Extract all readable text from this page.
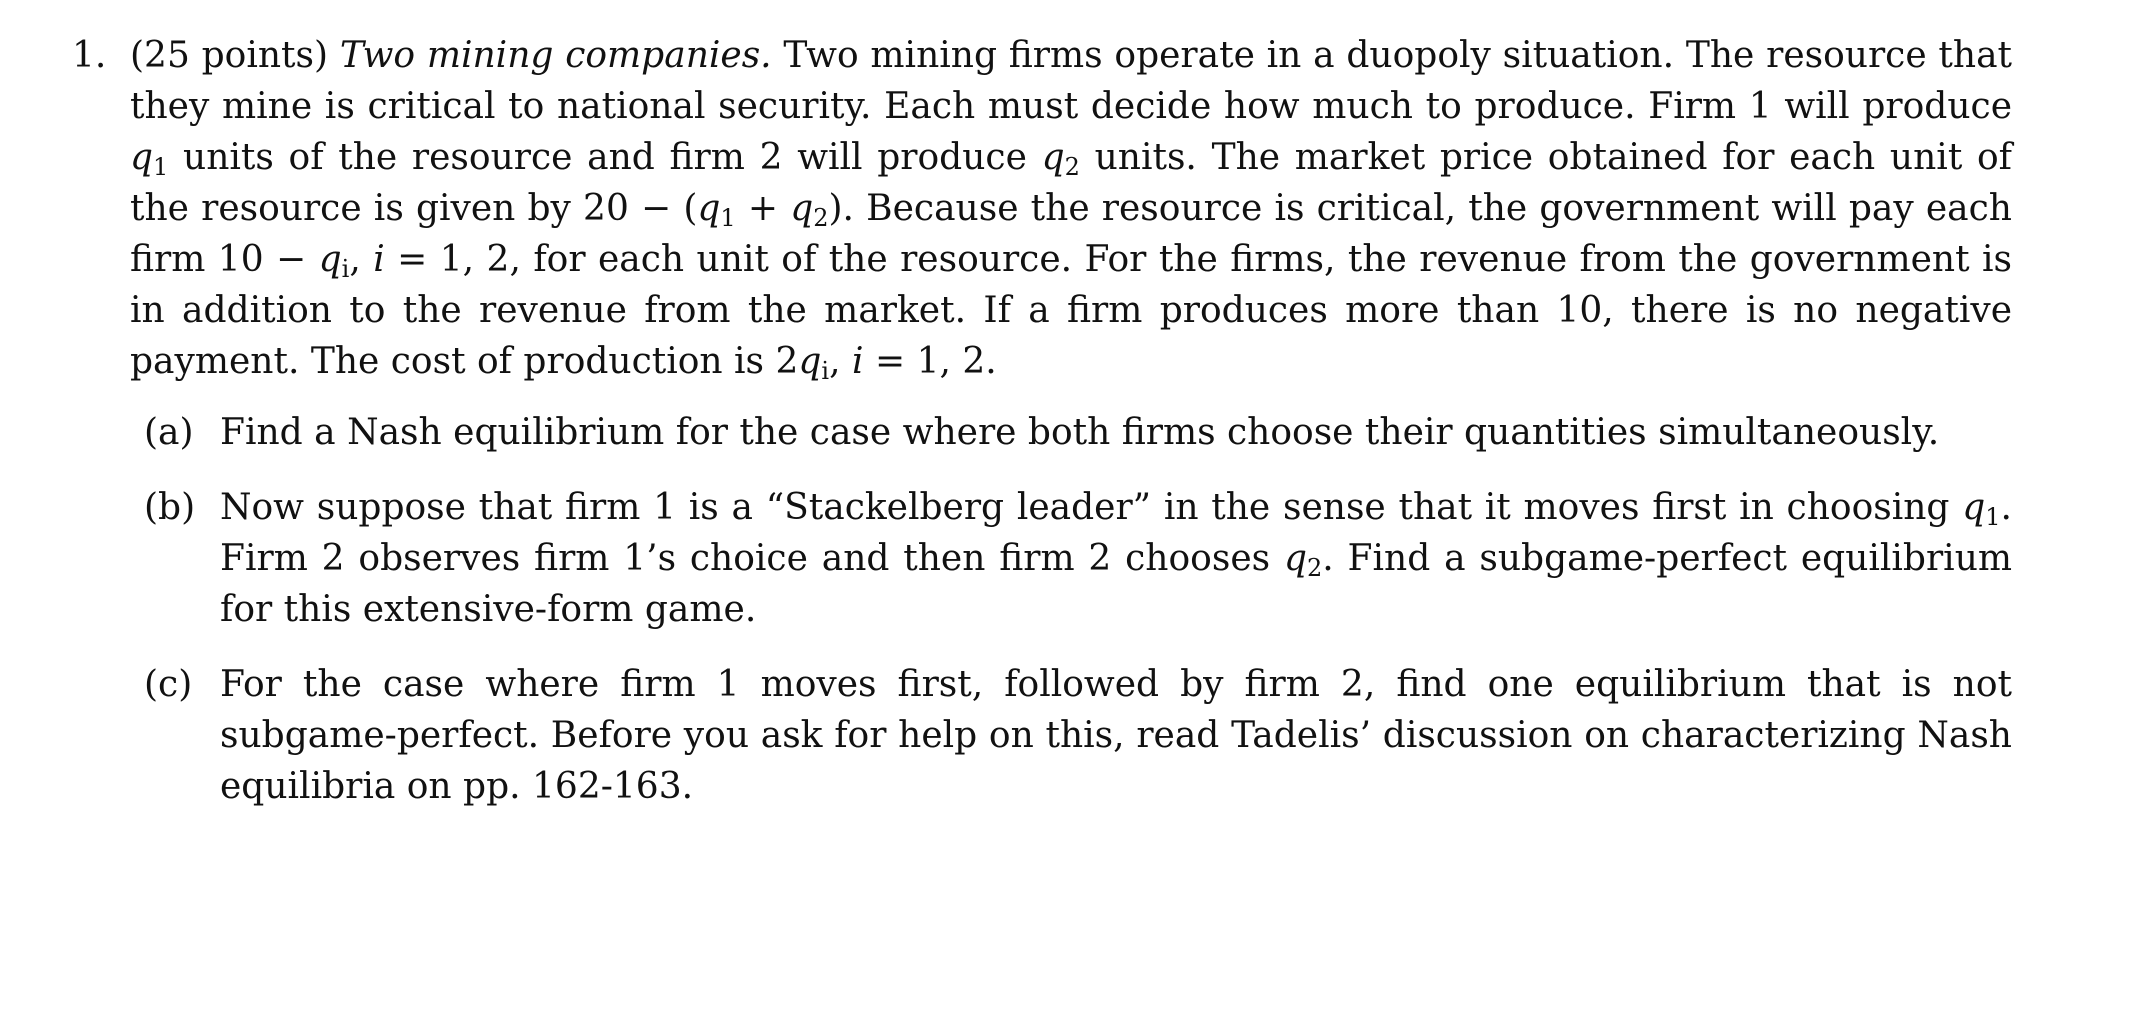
1. (25 points) Two mining companies. Two mining firms operate in a duopoly situation. The resource that they mine is critical to national security. Each must decide how much to produce. Firm 1 will produce $q_1$ units of the resource and firm 2 will produce $q_2$ units. The market price obtained for each unit of the resource is given by $20 - (q_1 + q_2)$. Because the resource is critical, the government will pay each firm $10 - q_i$, i = 1, 2, for each unit of the resource. For the firms, the revenue from the government is in addition to the revenue from the market. If a firm produces more than 10, there is no negative payment. The cost of production is $2q_i$, i = 1, 2.
(a) Find a Nash equilibrium for the case where both firms choose their quantities simultaneously.
(b) Now suppose that firm 1 is a “Stackelberg leader” in the sense that it moves first in choosing $q_1$. Firm 2 observes firm 1’s choice and then firm 2 chooses $q_2$. Find a subgame-perfect equilibrium for this extensive-form game.
(c) For the case where firm 1 moves first, followed by firm 2, find one equilibrium that is not subgame-perfect. Before you ask for help on this, read Tadelis’ discussion on characterizing Nash equilibria on pp. 162-163.
